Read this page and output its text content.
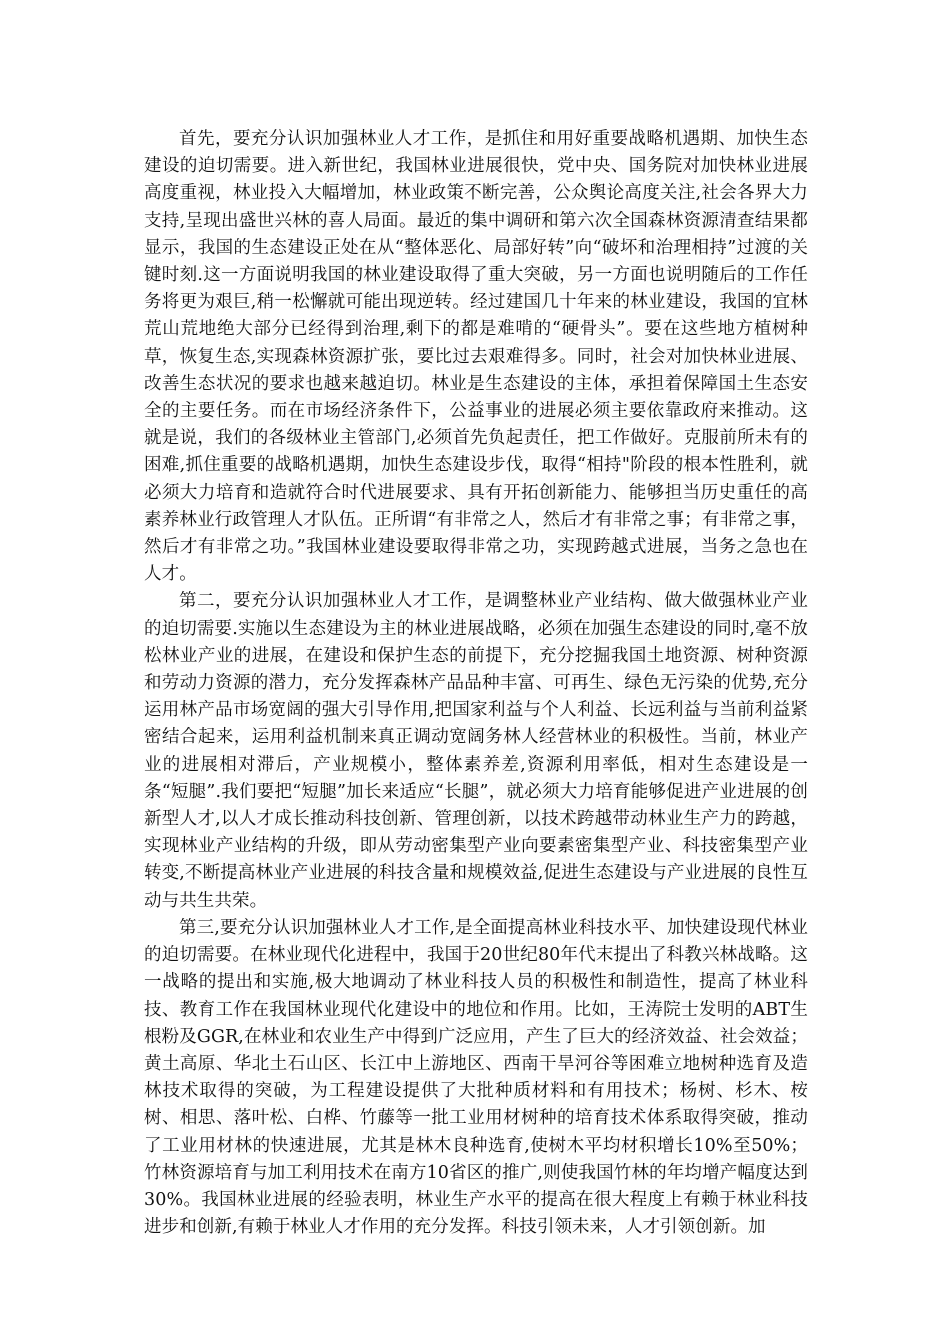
首先，要充分认识加强林业人才工作，是抓住和用好重要战略机遇期、加快生态建设的迫切需要。进入新世纪，我国林业进展很快，党中央、国务院对加快林业进展高度重视，林业投入大幅增加，林业政策不断完善，公众舆论高度关注,社会各界大力支持,呈现出盛世兴林的喜人局面。最近的集中调研和第六次全国森林资源清查结果都显示，我国的生态建设正处在从“整体恶化、局部好转”向“破坏和治理相持”过渡的关键时刻.这一方面说明我国的林业建设取得了重大突破，另一方面也说明随后的工作任务将更为艰巨,稍一松懈就可能出现逆转。经过建国几十年来的林业建设，我国的宜林荒山荒地绝大部分已经得到治理,剩下的都是难啃的“硬骨头”。要在这些地方植树种草，恢复生态,实现森林资源扩张，要比过去艰难得多。同时，社会对加快林业进展、改善生态状况的要求也越来越迫切。林业是生态建设的主体，承担着保障国土生态安全的主要任务。而在市场经济条件下，公益事业的进展必须主要依靠政府来推动。这就是说，我们的各级林业主管部门,必须首先负起责任，把工作做好。克服前所未有的困难,抓住重要的战略机遇期，加快生态建设步伐，取得“相持"阶段的根本性胜利，就必须大力培育和造就符合时代进展要求、具有开拓创新能力、能够担当历史重任的高素养林业行政管理人才队伍。正所谓“有非常之人，然后才有非常之事；有非常之事，然后才有非常之功。”我国林业建设要取得非常之功，实现跨越式进展，当务之急也在人才。

第二，要充分认识加强林业人才工作，是调整林业产业结构、做大做强林业产业的迫切需要.实施以生态建设为主的林业进展战略，必须在加强生态建设的同时,毫不放松林业产业的进展，在建设和保护生态的前提下，充分挖掘我国土地资源、树种资源和劳动力资源的潜力，充分发挥森林产品品种丰富、可再生、绿色无污染的优势,充分运用林产品市场宽阔的强大引导作用,把国家利益与个人利益、长远利益与当前利益紧密结合起来，运用利益机制来真正调动宽阔务林人经营林业的积极性。当前，林业产业的进展相对滞后，产业规模小，整体素养差,资源利用率低，相对生态建设是一条“短腿”.我们要把“短腿”加长来适应“长腿”，就必须大力培育能够促进产业进展的创新型人才,以人才成长推动科技创新、管理创新，以技术跨越带动林业生产力的跨越，实现林业产业结构的升级，即从劳动密集型产业向要素密集型产业、科技密集型产业转变,不断提高林业产业进展的科技含量和规模效益,促进生态建设与产业进展的良性互动与共生共荣。

第三,要充分认识加强林业人才工作,是全面提高林业科技水平、加快建设现代林业的迫切需要。在林业现代化进程中，我国于20世纪80年代末提出了科教兴林战略。这一战略的提出和实施,极大地调动了林业科技人员的积极性和制造性，提高了林业科技、教育工作在我国林业现代化建设中的地位和作用。比如，王涛院士发明的ABT生根粉及GGR,在林业和农业生产中得到广泛应用，产生了巨大的经济效益、社会效益；黄土高原、华北土石山区、长江中上游地区、西南干旱河谷等困难立地树种选育及造林技术取得的突破，为工程建设提供了大批种质材料和有用技术；杨树、杉木、桉树、相思、落叶松、白桦、竹藤等一批工业用材树种的培育技术体系取得突破，推动了工业用材林的快速进展，尤其是林木良种选育,使树木平均材积增长10%至50%；竹林资源培育与加工利用技术在南方10省区的推广,则使我国竹林的年均增产幅度达到30%。我国林业进展的经验表明，林业生产水平的提高在很大程度上有赖于林业科技进步和创新,有赖于林业人才作用的充分发挥。科技引领未来，人才引领创新。加
